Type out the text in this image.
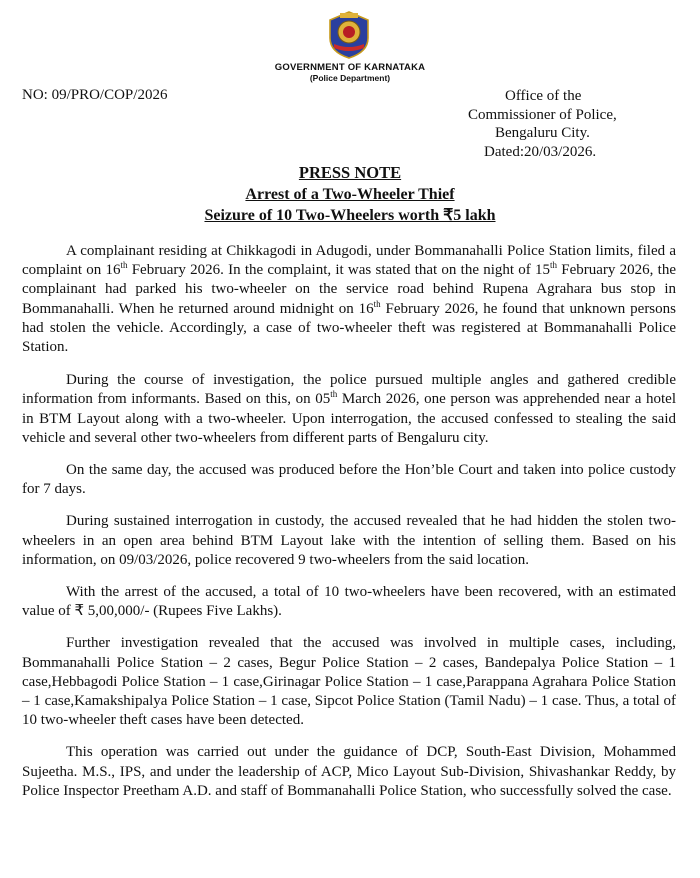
GOVERNMENT OF KARNATAKA
(Police Department)
NO: 09/PRO/COP/2026	Office of the
Commissioner of Police,
Bengaluru City.
Dated:20/03/2026.
PRESS NOTE
Arrest of a Two-Wheeler Thief
Seizure of 10 Two-Wheelers worth ₹5 lakh

A complainant residing at Chikkagodi in Adugodi, under Bommanahalli Police Station limits, filed a complaint on 16th February 2026. In the complaint, it was stated that on the night of 15th February 2026, the complainant had parked his two-wheeler on the service road behind Rupena Agrahara bus stop in Bommanahalli. When he returned around midnight on 16th February 2026, he found that unknown persons had stolen the vehicle. Accordingly, a case of two-wheeler theft was registered at Bommanahalli Police Station.

During the course of investigation, the police pursued multiple angles and gathered credible information from informants. Based on this, on 05th March 2026, one person was apprehended near a hotel in BTM Layout along with a two-wheeler. Upon interrogation, the accused confessed to stealing the said vehicle and several other two-wheelers from different parts of Bengaluru city.

On the same day, the accused was produced before the Hon’ble Court and taken into police custody for 7 days.

During sustained interrogation in custody, the accused revealed that he had hidden the stolen two-wheelers in an open area behind BTM Layout lake with the intention of selling them. Based on his information, on 09/03/2026, police recovered 9 two-wheelers from the said location.

With the arrest of the accused, a total of 10 two-wheelers have been recovered, with an estimated value of ₹ 5,00,000/- (Rupees Five Lakhs).

Further investigation revealed that the accused was involved in multiple cases, including, Bommanahalli Police Station – 2 cases, Begur Police Station – 2 cases, Bandepalya Police Station – 1 case,Hebbagodi Police Station – 1 case,Girinagar Police Station – 1 case,Parappana Agrahara Police Station – 1 case,Kamakshipalya Police Station – 1 case, Sipcot Police Station (Tamil Nadu) – 1 case. Thus, a total of 10 two-wheeler theft cases have been detected.

This operation was carried out under the guidance of DCP, South-East Division, Mohammed Sujeetha. M.S., IPS, and under the leadership of ACP, Mico Layout Sub-Division, Shivashankar Reddy, by Police Inspector Preetham A.D. and staff of Bommanahalli Police Station, who successfully solved the case.
